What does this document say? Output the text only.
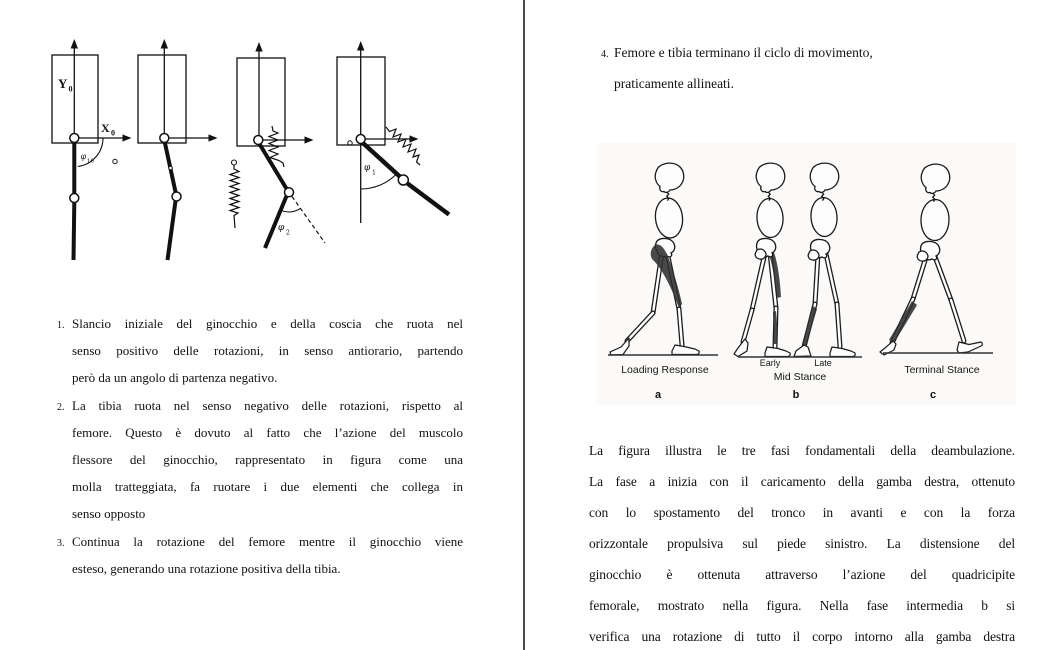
Y 0
X 0
φ
10
φ 2
φ 1
1. Slancio iniziale del ginocchio e della coscia che ruota nel
senso positivo delle rotazioni, in senso antiorario, partendo
però da un angolo di partenza negativo.
2. La tibia ruota nel senso negativo delle rotazioni, rispetto al
femore. Questo è dovuto al fatto che l’azione del muscolo
flessore del ginocchio, rappresentato in figura come una
molla tratteggiata, fa ruotare i due elementi che collega in
senso opposto
3. Continua la rotazione del femore mentre il ginocchio viene
esteso, generando una rotazione positiva della tibia.
4. Femore e tibia terminano il ciclo di movimento,
praticamente allineati.
Loading Response
Early	Late
Mid Stance
Terminal Stance
a	b	c
La figura illustra le tre fasi fondamentali della deambulazione.
La fase a inizia con il caricamento della gamba destra, ottenuto
con lo spostamento del tronco in avanti e con la forza
orizzontale propulsiva sul piede sinistro. La distensione del
ginocchio è ottenuta attraverso l’azione del quadricipite
femorale, mostrato nella figura. Nella fase intermedia b si
verifica una rotazione di tutto il corpo intorno alla gamba destra
